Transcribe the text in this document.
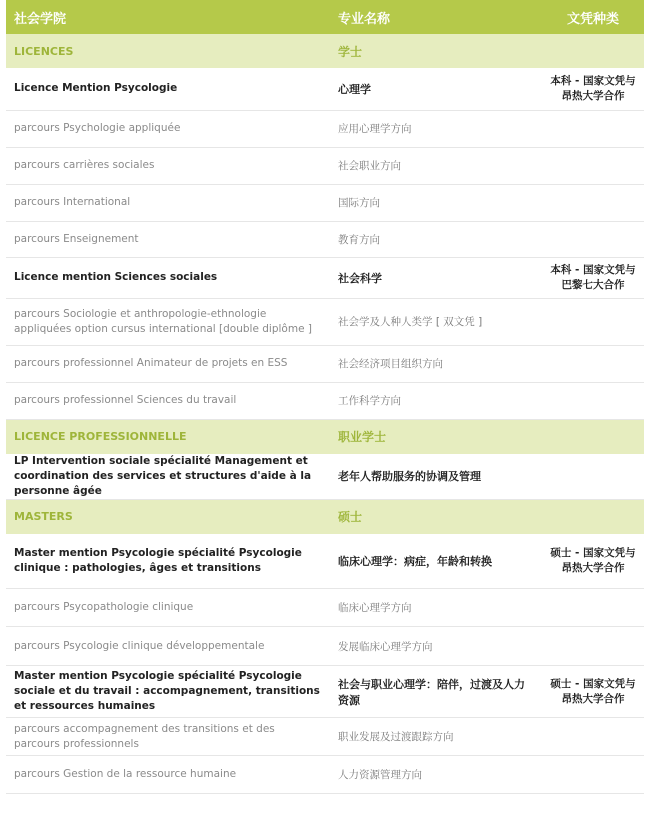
社会学院	专业名称	文凭种类
LICENCES	学士	
Licence Mention Psycologie	心理学	本科 - 国家文凭与昂热大学合作
parcours Psychologie appliquée	应用心理学方向	
parcours carrières sociales	社会职业方向	
parcours International	国际方向	
parcours Enseignement	教育方向	
Licence mention Sciences sociales	社会科学	本科 - 国家文凭与巴黎七大合作
parcours Sociologie et anthropologie-ethnologie appliquées option cursus international [double diplôme ]	社会学及人种人类学 [ 双文凭 ]	
parcours professionnel Animateur de projets en ESS	社会经济项目组织方向	
parcours professionnel Sciences du travail	工作科学方向	
LICENCE PROFESSIONNELLE	职业学士	
LP Intervention sociale spécialité Management et coordination des services et structures d'aide à la personne âgée	老年人帮助服务的协调及管理	
MASTERS	硕士	
Master mention Psycologie spécialité Psycologie clinique : pathologies, âges et transitions	临床心理学：病症，年龄和转换	硕士 - 国家文凭与昂热大学合作
parcours Psycopathologie clinique	临床心理学方向	
parcours Psycologie clinique développementale	发展临床心理学方向	
Master mention Psycologie spécialité Psycologie sociale et du travail : accompagnement, transitions et ressources humaines	社会与职业心理学：陪伴，过渡及人力资源	硕士 - 国家文凭与昂热大学合作
parcours accompagnement des transitions et des parcours professionnels	职业发展及过渡跟踪方向	
parcours Gestion de la ressource humaine	人力资源管理方向	
